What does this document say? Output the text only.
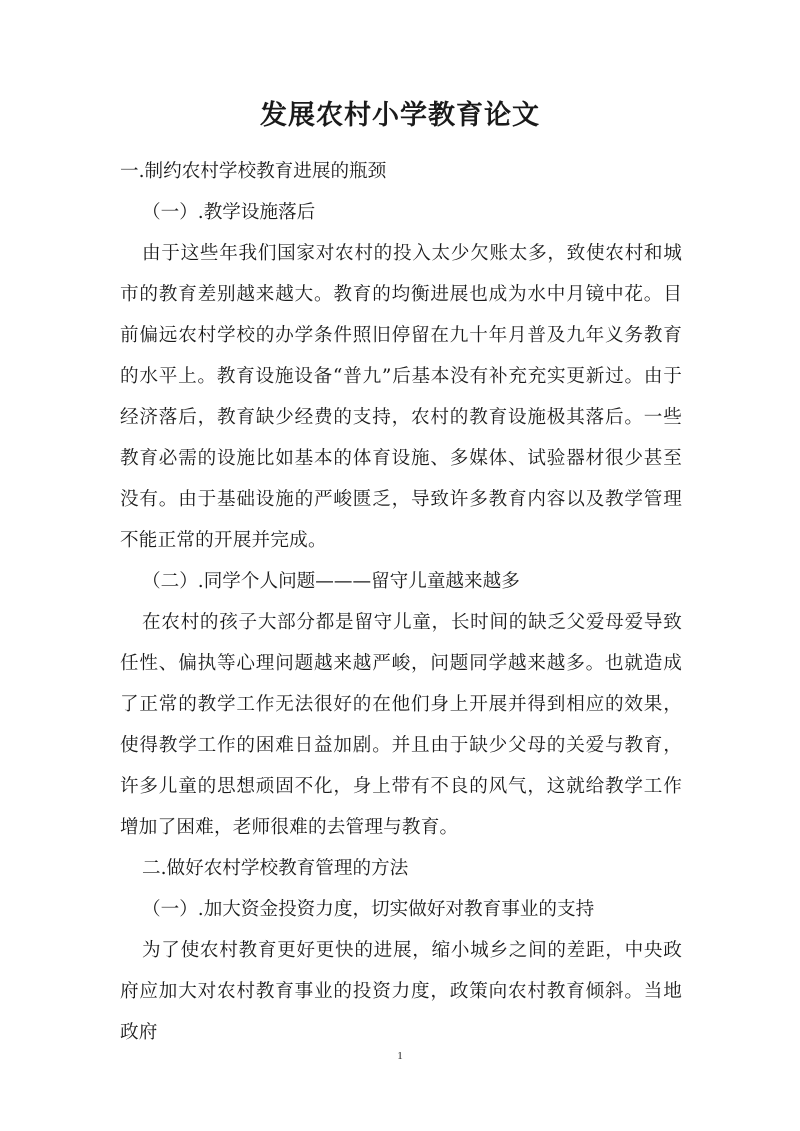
发展农村小学教育论文
一.制约农村学校教育进展的瓶颈
（一）.教学设施落后
由于这些年我们国家对农村的投入太少欠账太多，致使农村和城市的教育差别越来越大。教育的均衡进展也成为水中月镜中花。目前偏远农村学校的办学条件照旧停留在九十年月普及九年义务教育的水平上。教育设施设备“普九”后基本没有补充充实更新过。由于经济落后，教育缺少经费的支持，农村的教育设施极其落后。一些教育必需的设施比如基本的体育设施、多媒体、试验器材很少甚至没有。由于基础设施的严峻匮乏，导致许多教育内容以及教学管理不能正常的开展并完成。
（二）.同学个人问题———留守儿童越来越多
在农村的孩子大部分都是留守儿童，长时间的缺乏父爱母爱导致任性、偏执等心理问题越来越严峻，问题同学越来越多。也就造成了正常的教学工作无法很好的在他们身上开展并得到相应的效果，使得教学工作的困难日益加剧。并且由于缺少父母的关爱与教育，许多儿童的思想顽固不化，身上带有不良的风气，这就给教学工作增加了困难，老师很难的去管理与教育。
二.做好农村学校教育管理的方法
（一）.加大资金投资力度，切实做好对教育事业的支持
为了使农村教育更好更快的进展，缩小城乡之间的差距，中央政府应加大对农村教育事业的投资力度，政策向农村教育倾斜。当地政府
1
